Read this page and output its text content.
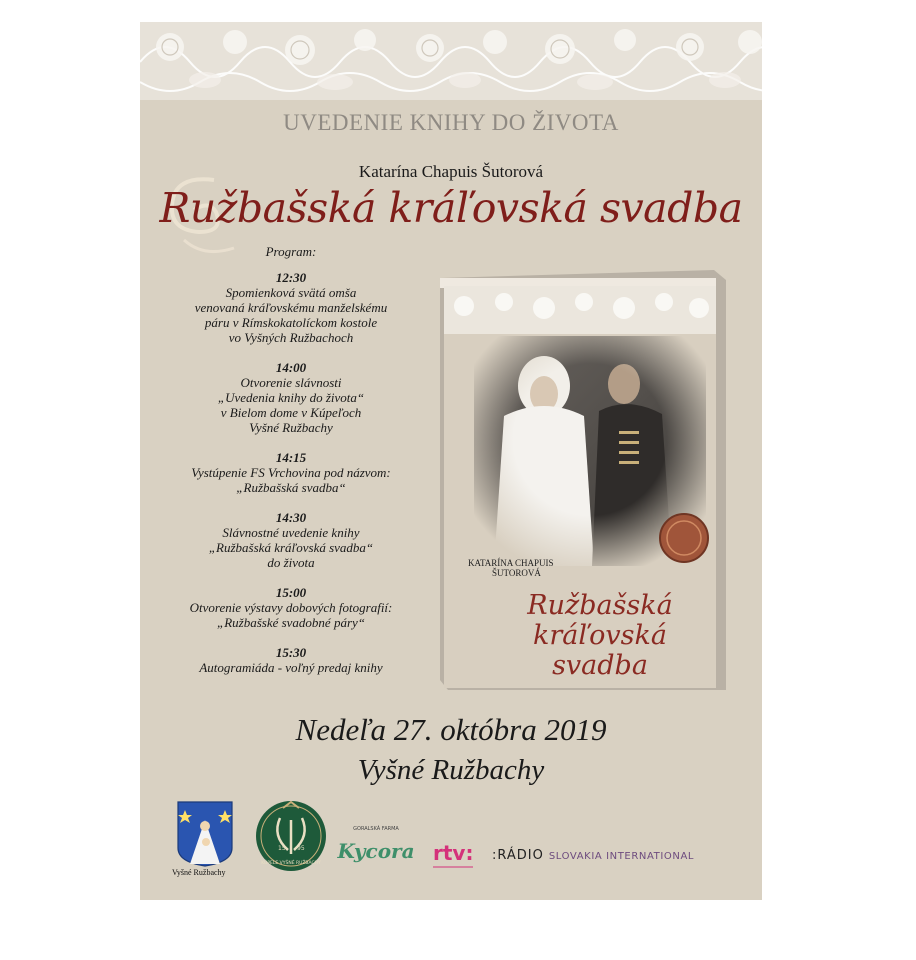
UVEDENIE KNIHY DO ŽIVOTA
Katarína Chapuis Šutorová
Ružbašská kráľovská svadba
Program:
12:30
Spomienková svätá omša
venovaná kráľovskému manželskému
páru v Rímskokatolíckom kostole
vo Vyšných Ružbachoch
14:00
Otvorenie slávnosti
„Uvedenia knihy do života“
v Bielom dome v Kúpeľoch
Vyšné Ružbachy
14:15
Vystúpenie FS Vrchovina pod názvom:
„Ružbašská svadba“
14:30
Slávnostné uvedenie knihy
„Ružbašská kráľovská svadba“
do života
15:00
Otvorenie výstavy dobových fotografií:
„Ružbašské svadobné páry“
15:30
Autogramiáda - voľný predaj knihy
KATARÍNA CHAPUIS
ŠUTOROVÁ
Ružbašská
kráľovská
svadba
Nedeľa 27. októbra 2019
Vyšné Ružbachy
15 95
KÚPELE VYŠNÉ RUŽBACHY
GORALSKÁ FARMA
Kycora rtv:
Vyšné Ružbachy
:RÁDIO SLOVAKIA INTERNATIONAL
